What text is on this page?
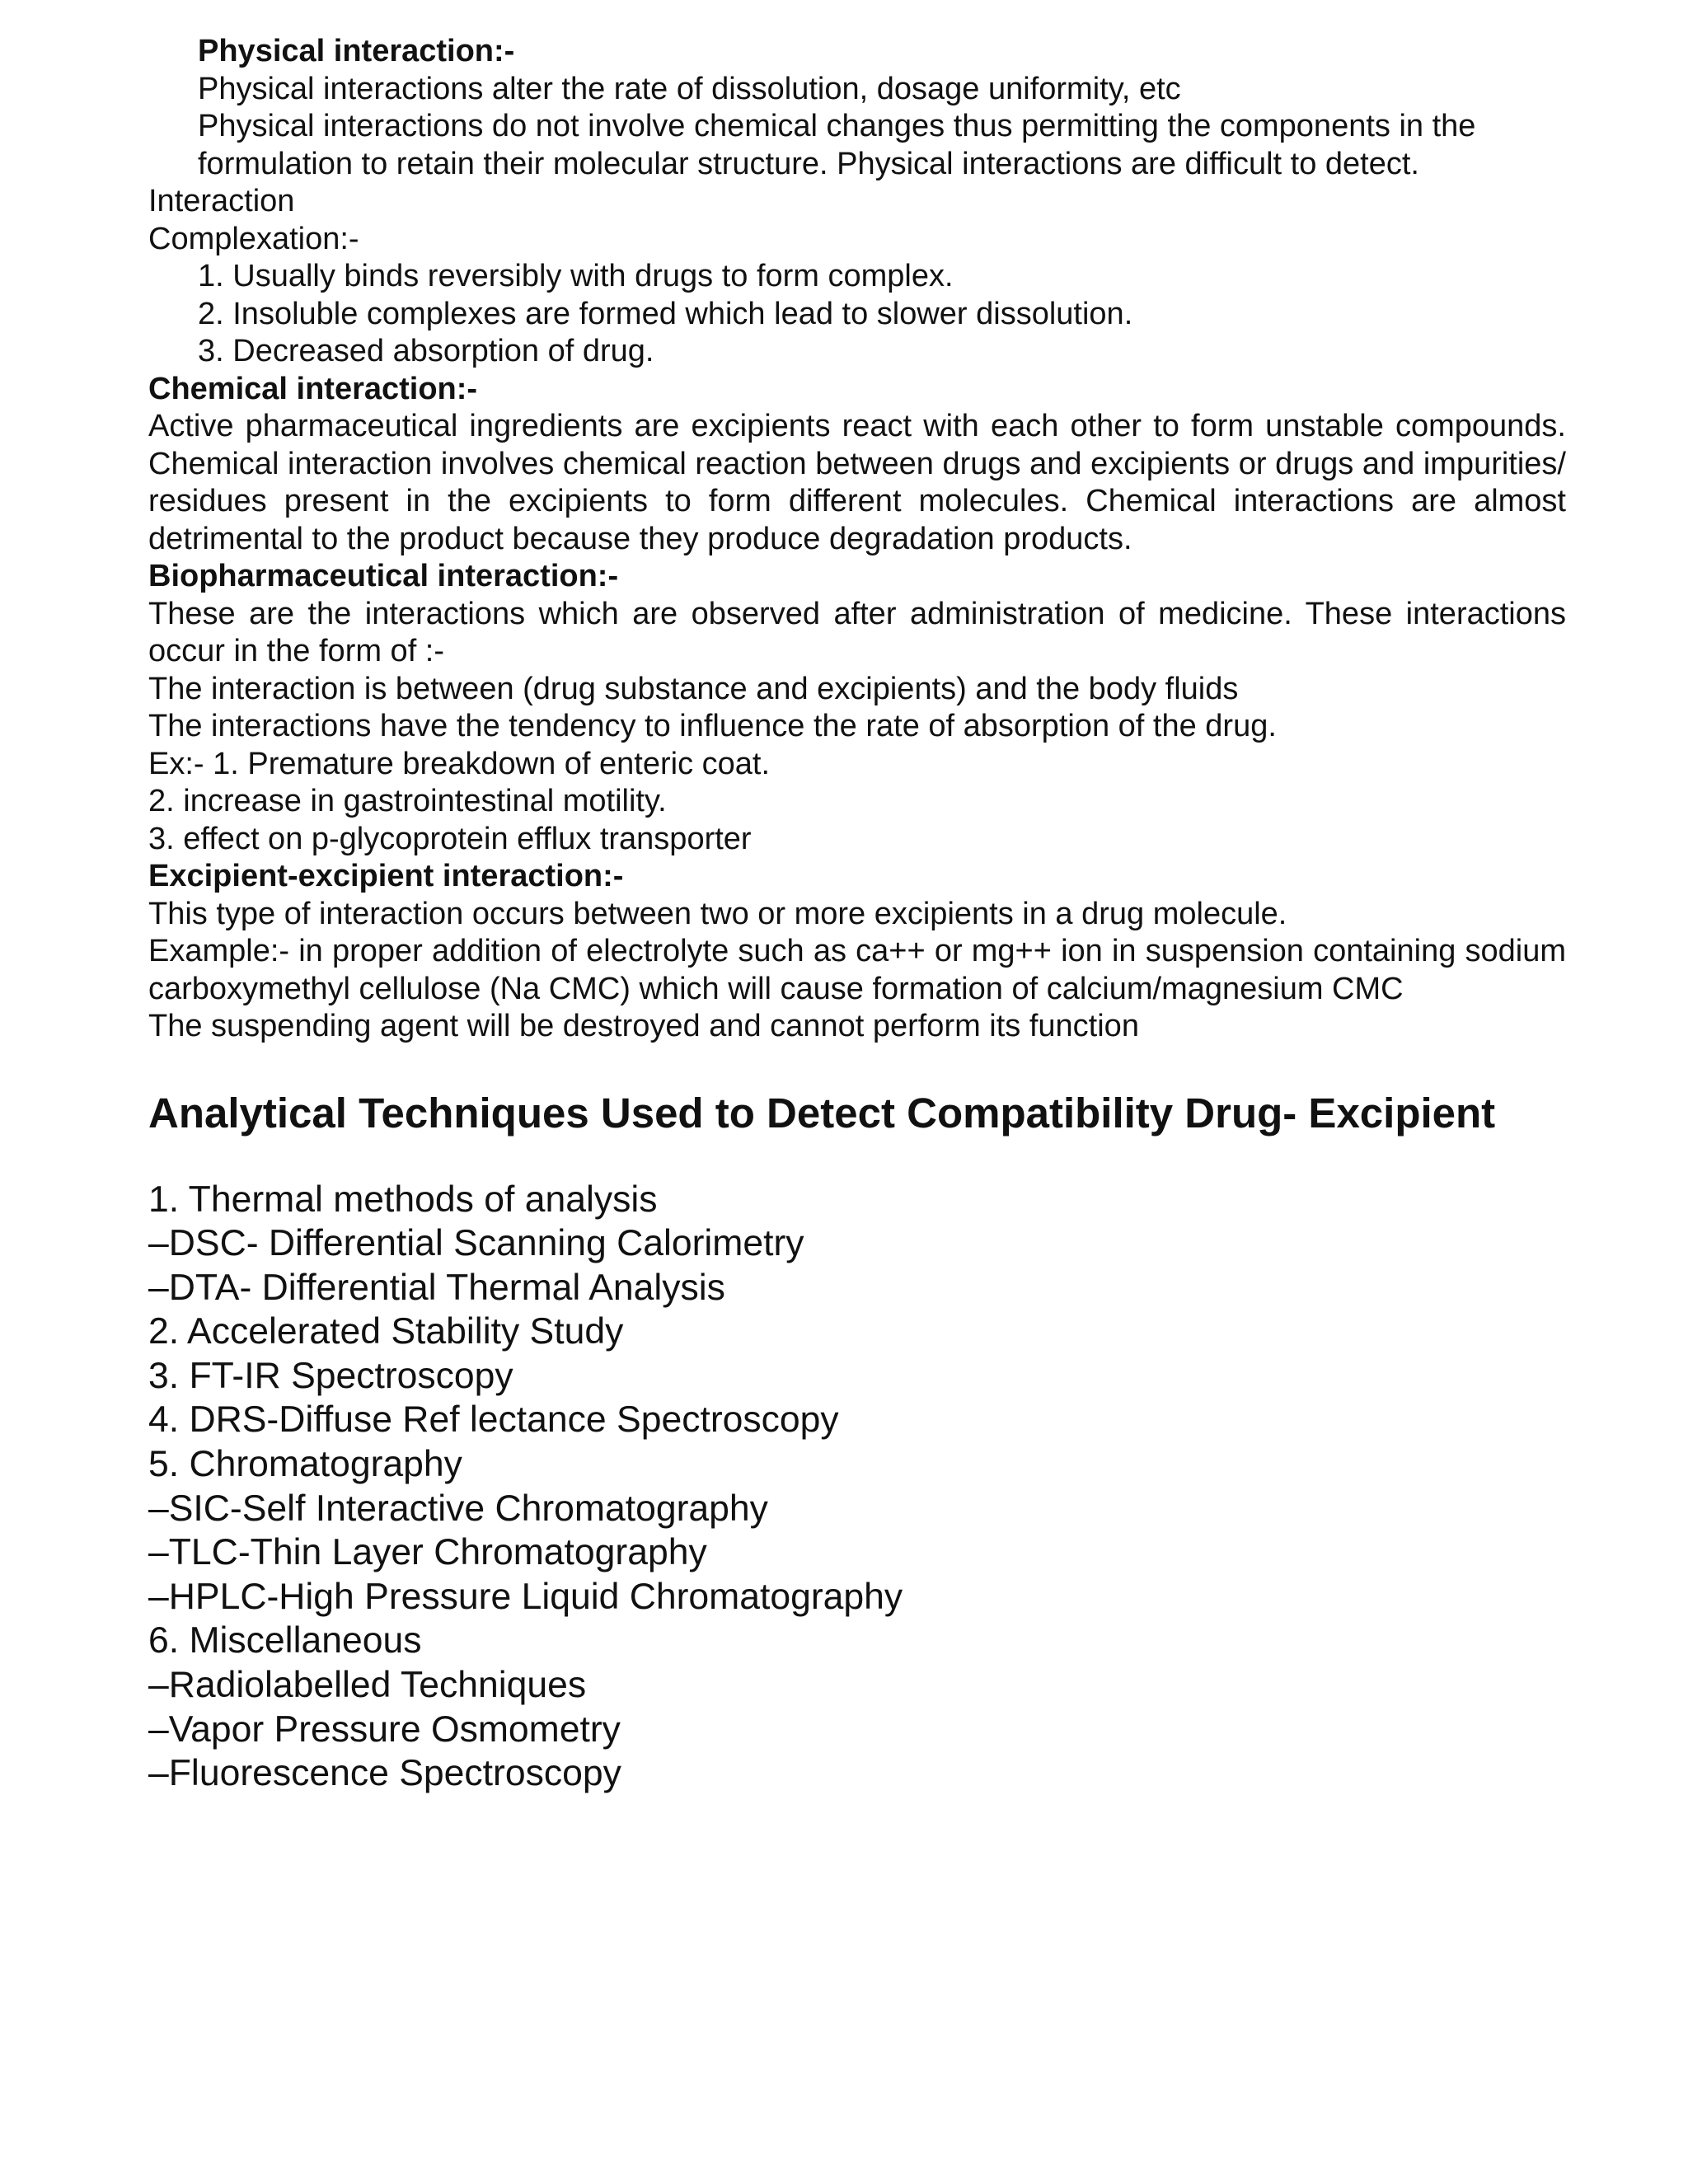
Physical interaction:-
Physical interactions alter the rate of dissolution, dosage uniformity, etc
Physical interactions do not involve chemical changes thus permitting the components in the formulation to retain their molecular structure. Physical interactions are difficult to detect.
Interaction
Complexation:-
1. Usually binds reversibly with drugs to form complex.
2. Insoluble complexes are formed which lead to slower dissolution.
3. Decreased absorption of drug.
Chemical interaction:-
Active pharmaceutical ingredients are excipients react with each other to form unstable compounds. Chemical interaction involves chemical reaction between drugs and excipients or drugs and impurities/ residues present in the excipients to form different molecules. Chemical interactions are almost detrimental to the product because they produce degradation products.
Biopharmaceutical interaction:-
These are the interactions which are observed after administration of medicine. These interactions occur in the form of :-
The interaction is between (drug substance and excipients) and the body fluids
The interactions have the tendency to influence the rate of absorption of the drug.
Ex:- 1. Premature breakdown of enteric coat.
2. increase in gastrointestinal motility.
3. effect on p-glycoprotein efflux transporter
Excipient-excipient interaction:-
This type of interaction occurs between two or more excipients in a drug molecule.
Example:- in proper addition of electrolyte such as ca++ or mg++ ion in suspension containing sodium carboxymethyl cellulose (Na CMC) which will cause formation of calcium/magnesium CMC
The suspending agent will be destroyed and cannot perform its function
Analytical Techniques Used to Detect Compatibility Drug- Excipient
1. Thermal methods of analysis
–DSC- Differential Scanning Calorimetry
–DTA- Differential Thermal Analysis
2. Accelerated Stability Study
3. FT-IR Spectroscopy
4. DRS-Diffuse Ref lectance Spectroscopy
5. Chromatography
–SIC-Self Interactive Chromatography
–TLC-Thin Layer Chromatography
–HPLC-High Pressure Liquid Chromatography
6. Miscellaneous
–Radiolabelled Techniques
–Vapor Pressure Osmometry
–Fluorescence Spectroscopy
